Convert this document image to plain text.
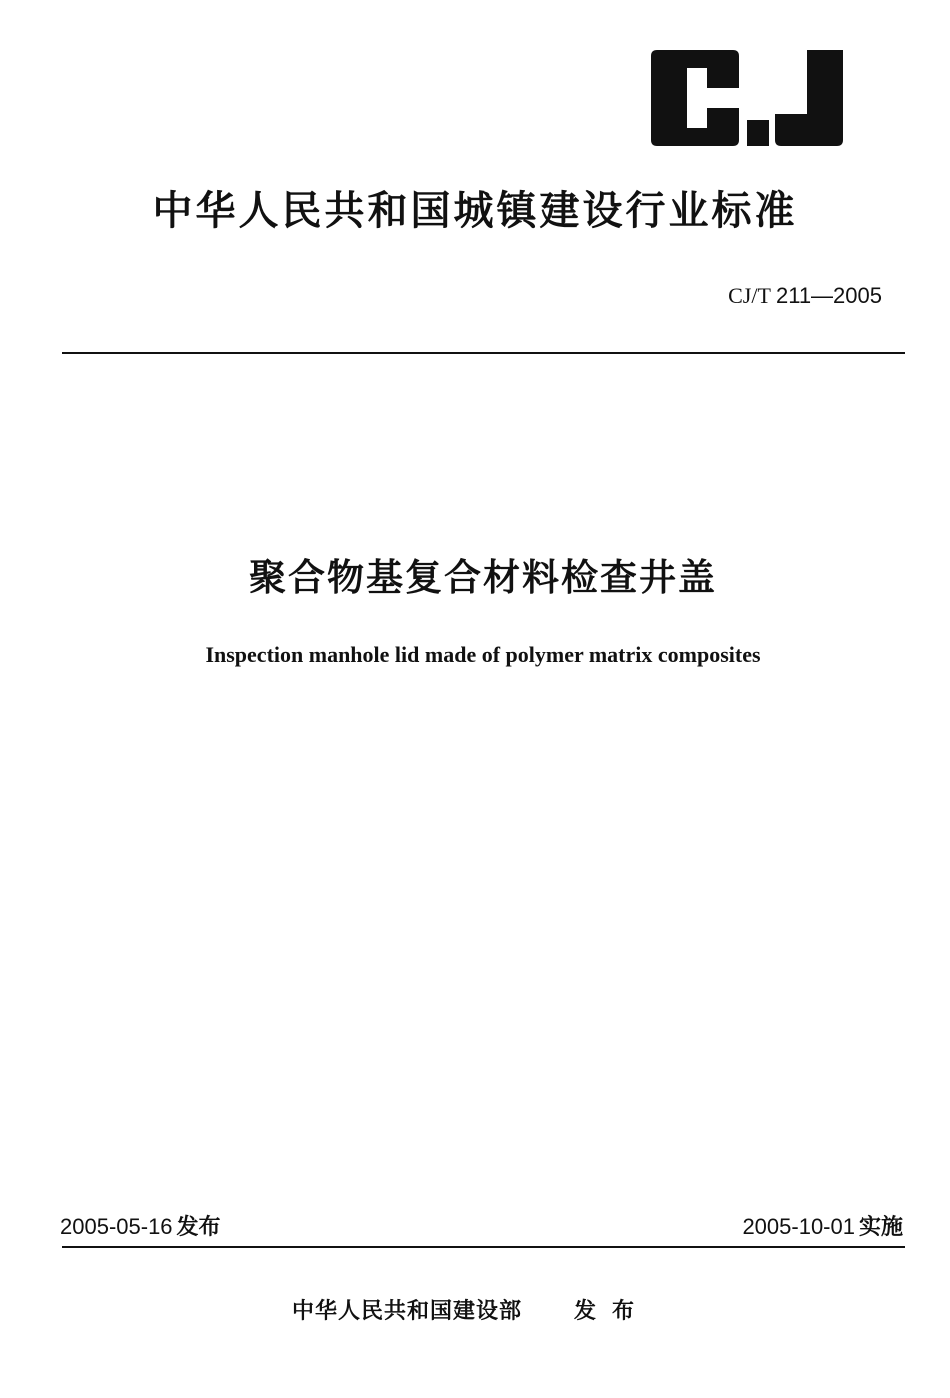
中华人民共和国城镇建设行业标准
CJ/T 211—2005
聚合物基复合材料检查井盖
Inspection manhole lid made of polymer matrix composites
2005-05-16 发布	2005-10-01 实施
中华人民共和国建设部 发布
